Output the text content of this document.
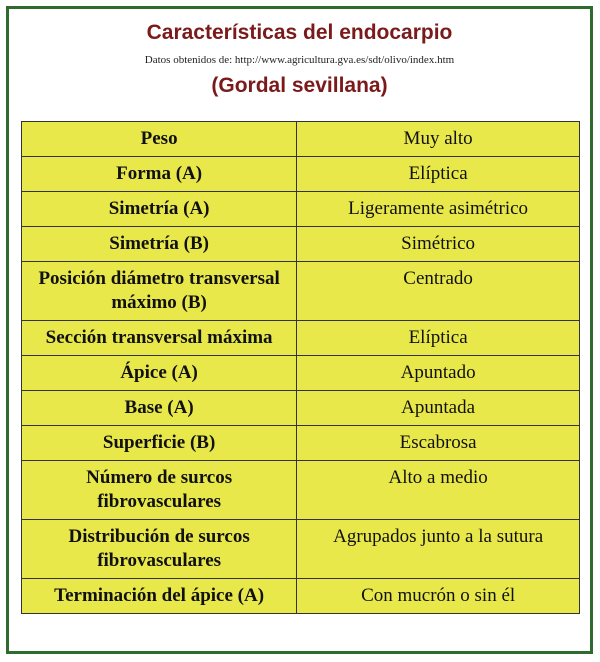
Características del endocarpio
Datos obtenidos de: http://www.agricultura.gva.es/sdt/olivo/index.htm
(Gordal sevillana)
Peso	Muy alto
Forma (A)	Elíptica
Simetría (A)	Ligeramente asimétrico
Simetría (B)	Simétrico
Posición diámetro transversal máximo (B)	Centrado
Sección transversal máxima	Elíptica
Ápice (A)	Apuntado
Base (A)	Apuntada
Superficie (B)	Escabrosa
Número de surcos fibrovasculares	Alto a medio
Distribución de surcos fibrovasculares	Agrupados junto a la sutura
Terminación del ápice (A)	Con mucrón o sin él
